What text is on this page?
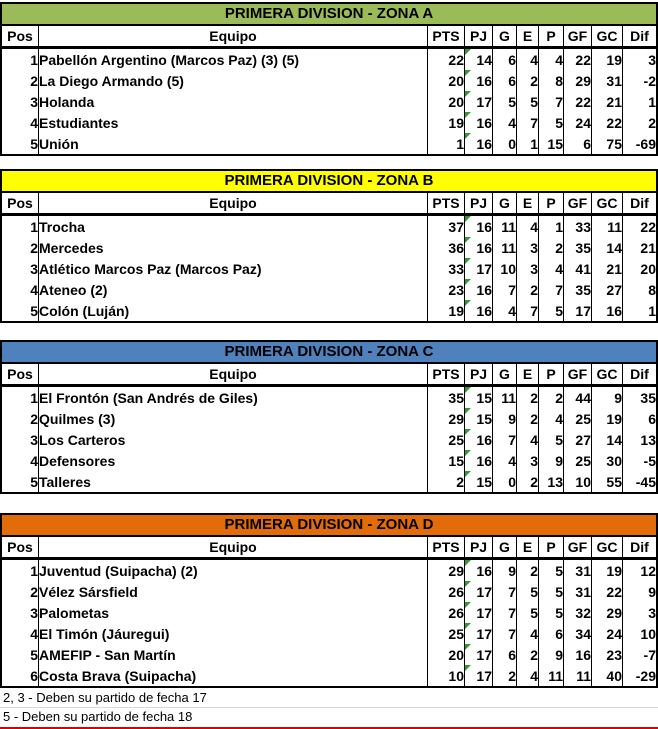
PRIMERA DIVISION - ZONA A
Pos	Equipo	PTS	PJ	G	E	P	GF	GC	Dif
1	Pabellón Argentino (Marcos Paz) (3) (5)	22	14	6	4	4	22	19	3
2	La Diego Armando (5)	20	16	6	2	8	29	31	-2
3	Holanda	20	17	5	5	7	22	21	1
4	Estudiantes	19	16	4	7	5	24	22	2
5	Unión	1	16	0	1	15	6	75	-69
PRIMERA DIVISION - ZONA B
Pos	Equipo	PTS	PJ	G	E	P	GF	GC	Dif
1	Trocha	37	16	11	4	1	33	11	22
2	Mercedes	36	16	11	3	2	35	14	21
3	Atlético Marcos Paz (Marcos Paz)	33	17	10	3	4	41	21	20
4	Ateneo (2)	23	16	7	2	7	35	27	8
5	Colón (Luján)	19	16	4	7	5	17	16	1
PRIMERA DIVISION - ZONA C
Pos	Equipo	PTS	PJ	G	E	P	GF	GC	Dif
1	El Frontón (San Andrés de Giles)	35	15	11	2	2	44	9	35
2	Quilmes (3)	29	15	9	2	4	25	19	6
3	Los Carteros	25	16	7	4	5	27	14	13
4	Defensores	15	16	4	3	9	25	30	-5
5	Talleres	2	15	0	2	13	10	55	-45
PRIMERA DIVISION - ZONA D
Pos	Equipo	PTS	PJ	G	E	P	GF	GC	Dif
1	Juventud (Suipacha) (2)	29	16	9	2	5	31	19	12
2	Vélez Sársfield	26	17	7	5	5	31	22	9
3	Palometas	26	17	7	5	5	32	29	3
4	El Timón (Jáuregui)	25	17	7	4	6	34	24	10
5	AMEFIP - San Martín	20	17	6	2	9	16	23	-7
6	Costa Brava (Suipacha)	10	17	2	4	11	11	40	-29
2, 3 - Deben su partido de fecha 17
5 - Deben su partido de fecha 18
